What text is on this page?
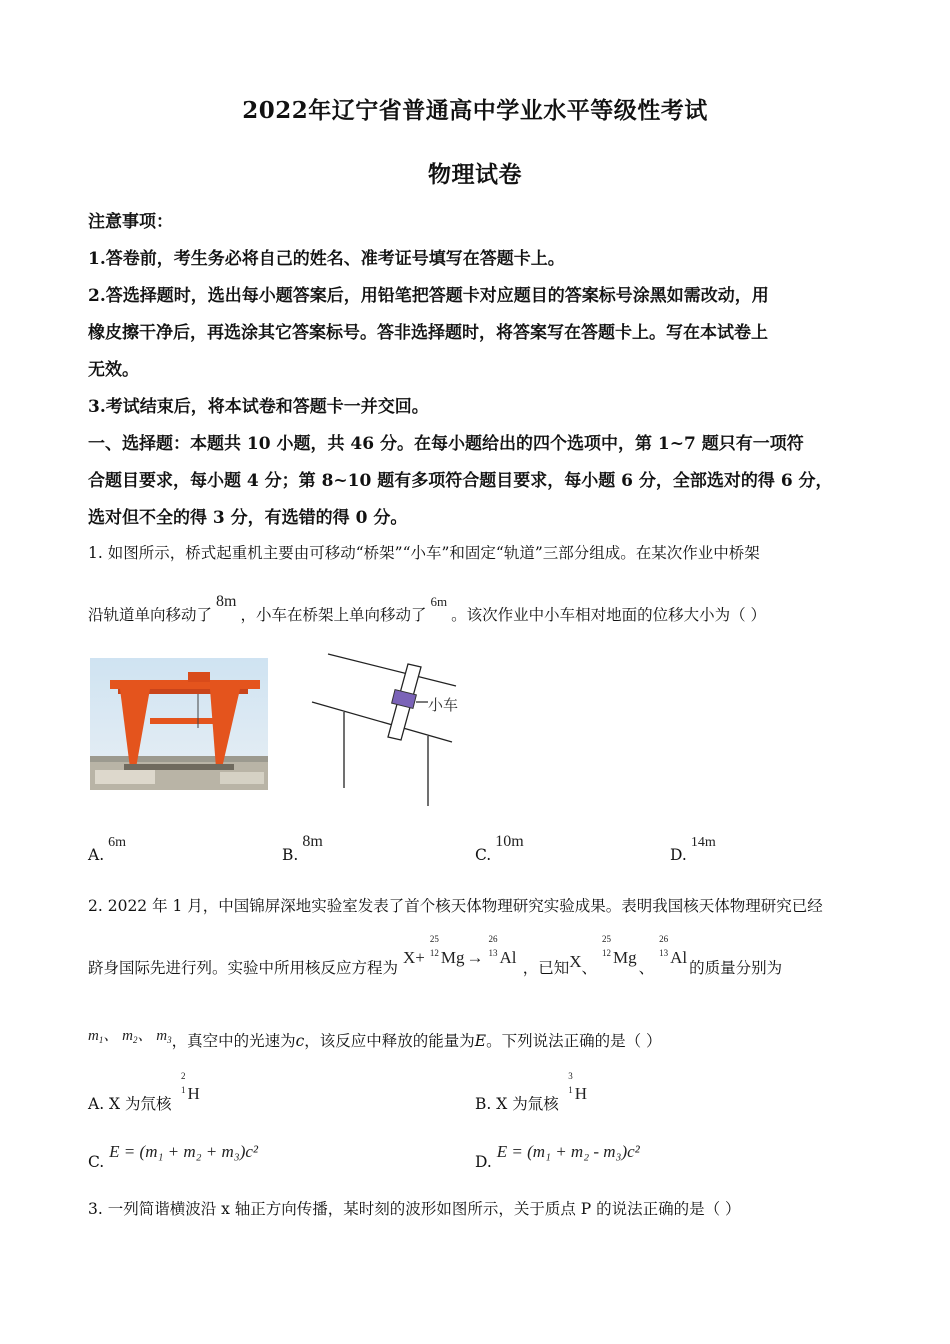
2022年辽宁省普通高中学业水平等级性考试
物理试卷

注意事项：

1.答卷前，考生务必将自己的姓名、准考证号填写在答题卡上。

2.答选择题时，选出每小题答案后，用铅笔把答题卡对应题目的答案标号涂黑如需改动，用

橡皮擦干净后，再选涂其它答案标号。答非选择题时，将答案写在答题卡上。写在本试卷上

无效。

3.考试结束后，将本试卷和答题卡一并交回。

一、选择题：本题共 10 小题，共 46 分。在每小题给出的四个选项中，第 1~7 题只有一项符

合题目要求，每小题 4 分；第 8~10 题有多项符合题目要求，每小题 6 分，全部选对的得 6 分，

选对但不全的得 3 分，有选错的得 0 分。

1. 如图所示，桥式起重机主要由可移动“桥架”“小车”和固定“轨道”三部分组成。在某次作业中桥架
沿轨道单向移动了8m，小车在桥架上单向移动了$^{6m}$。该次作业中小车相对地面的位移大小为（ ）
小车
A.6m
B.8m
C.10m
D.14m
2. 2022 年 1 月，中国锦屏深地实验室发表了首个核天体物理研究实验成果。表明我国核天体物理研究已经
跻身国际先进行列。实验中所用核反应方程为 X+
25
12 Mg →
26
13 Al ，已知X、
25
12 Mg、
26
13 Al的质量分别为
$m_1$、 $m_2$、 $m_3$，真空中的光速为c，该反应中释放的能量为E。下列说法正确的是（ ）
A. X 为氘核
2
1 H
B. X 为氚核
3
1 H
C. E = (m₁ + m₂ + m₃)c²
D. E = (m₁ + m₂ - m₃)c²
3. 一列简谐横波沿 x 轴正方向传播，某时刻的波形如图所示，关于质点 P 的说法正确的是（ ）
